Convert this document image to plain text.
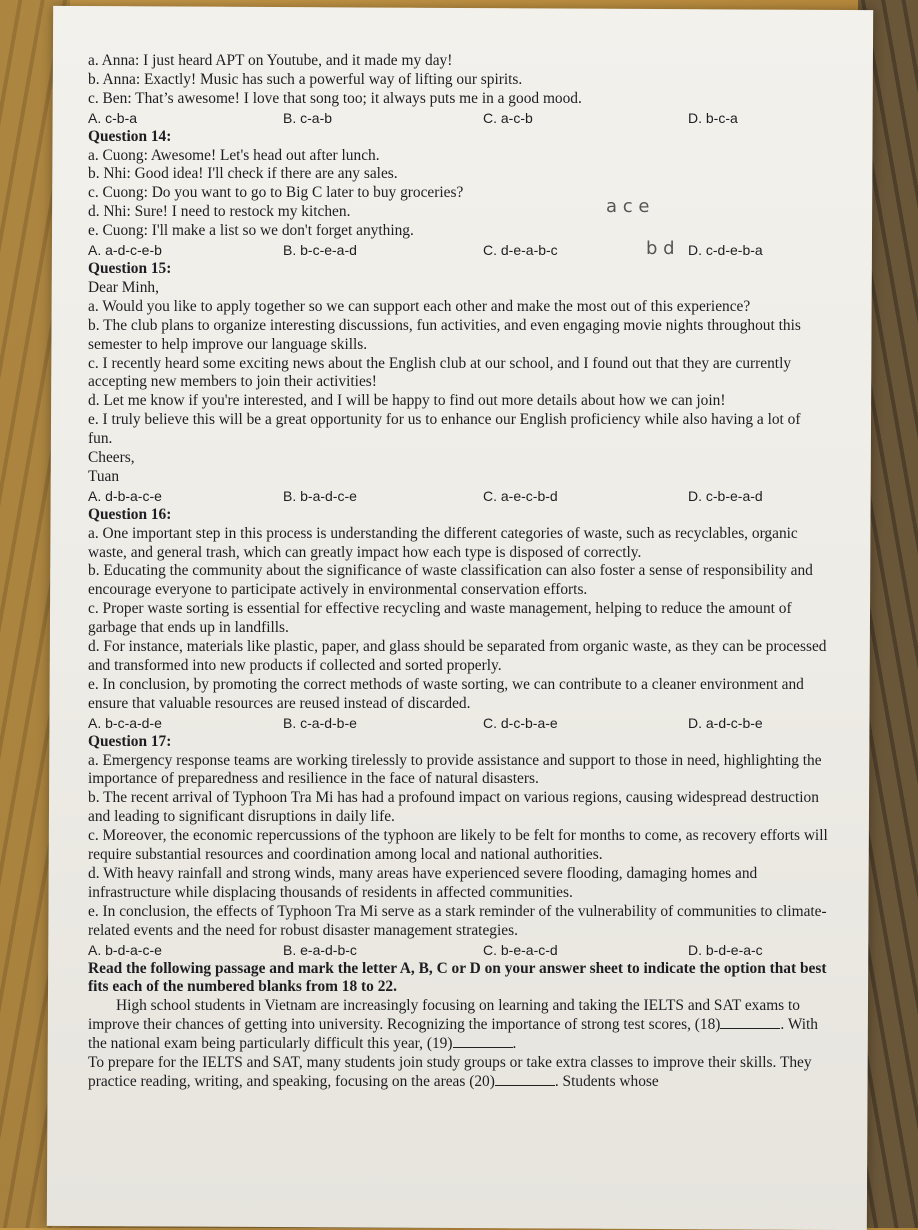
a. Anna: I just heard APT on Youtube, and it made my day!

b. Anna: Exactly! Music has such a powerful way of lifting our spirits.

c. Ben: That’s awesome! I love that song too; it always puts me in a good mood.

A. c-b-a	B. c-a-b	C. a-c-b	D. b-c-a

Question 14:

a. Cuong: Awesome! Let's head out after lunch.

b. Nhi: Good idea! I'll check if there are any sales.

c. Cuong: Do you want to go to Big C later to buy groceries?

d. Nhi: Sure! I need to restock my kitchen.

e. Cuong: I'll make a list so we don't forget anything.

A. a-d-c-e-b	B. b-c-e-a-d	C. d-e-a-b-c	D. c-d-e-b-a

Question 15:

Dear Minh,

a. Would you like to apply together so we can support each other and make the most out of this experience?

b. The club plans to organize interesting discussions, fun activities, and even engaging movie nights throughout this semester to help improve our language skills.

c. I recently heard some exciting news about the English club at our school, and I found out that they are currently accepting new members to join their activities!

d. Let me know if you're interested, and I will be happy to find out more details about how we can join!

e. I truly believe this will be a great opportunity for us to enhance our English proficiency while also having a lot of fun.

Cheers,

Tuan

A. d-b-a-c-e	B. b-a-d-c-e	C. a-e-c-b-d	D. c-b-e-a-d

Question 16:

a. One important step in this process is understanding the different categories of waste, such as recyclables, organic waste, and general trash, which can greatly impact how each type is disposed of correctly.

b. Educating the community about the significance of waste classification can also foster a sense of responsibility and encourage everyone to participate actively in environmental conservation efforts.

c. Proper waste sorting is essential for effective recycling and waste management, helping to reduce the amount of garbage that ends up in landfills.

d. For instance, materials like plastic, paper, and glass should be separated from organic waste, as they can be processed and transformed into new products if collected and sorted properly.

e. In conclusion, by promoting the correct methods of waste sorting, we can contribute to a cleaner environment and ensure that valuable resources are reused instead of discarded.

A. b-c-a-d-e	B. c-a-d-b-e	C. d-c-b-a-e	D. a-d-c-b-e

Question 17:

a. Emergency response teams are working tirelessly to provide assistance and support to those in need, highlighting the importance of preparedness and resilience in the face of natural disasters.

b. The recent arrival of Typhoon Tra Mi has had a profound impact on various regions, causing widespread destruction and leading to significant disruptions in daily life.

c. Moreover, the economic repercussions of the typhoon are likely to be felt for months to come, as recovery efforts will require substantial resources and coordination among local and national authorities.

d. With heavy rainfall and strong winds, many areas have experienced severe flooding, damaging homes and infrastructure while displacing thousands of residents in affected communities.

e. In conclusion, the effects of Typhoon Tra Mi serve as a stark reminder of the vulnerability of communities to climate-related events and the need for robust disaster management strategies.

A. b-d-a-c-e	B. e-a-d-b-c	C. b-e-a-c-d	D. b-d-e-a-c

Read the following passage and mark the letter A, B, C or D on your answer sheet to indicate the option that best fits each of the numbered blanks from 18 to 22.

High school students in Vietnam are increasingly focusing on learning and taking the IELTS and SAT exams to improve their chances of getting into university. Recognizing the importance of strong test scores, (18)	. With the national exam being particularly difficult this year, (19)	.

To prepare for the IELTS and SAT, many students join study groups or take extra classes to improve their skills. They practice reading, writing, and speaking, focusing on the areas (20)	. Students whose

a c e
b d
